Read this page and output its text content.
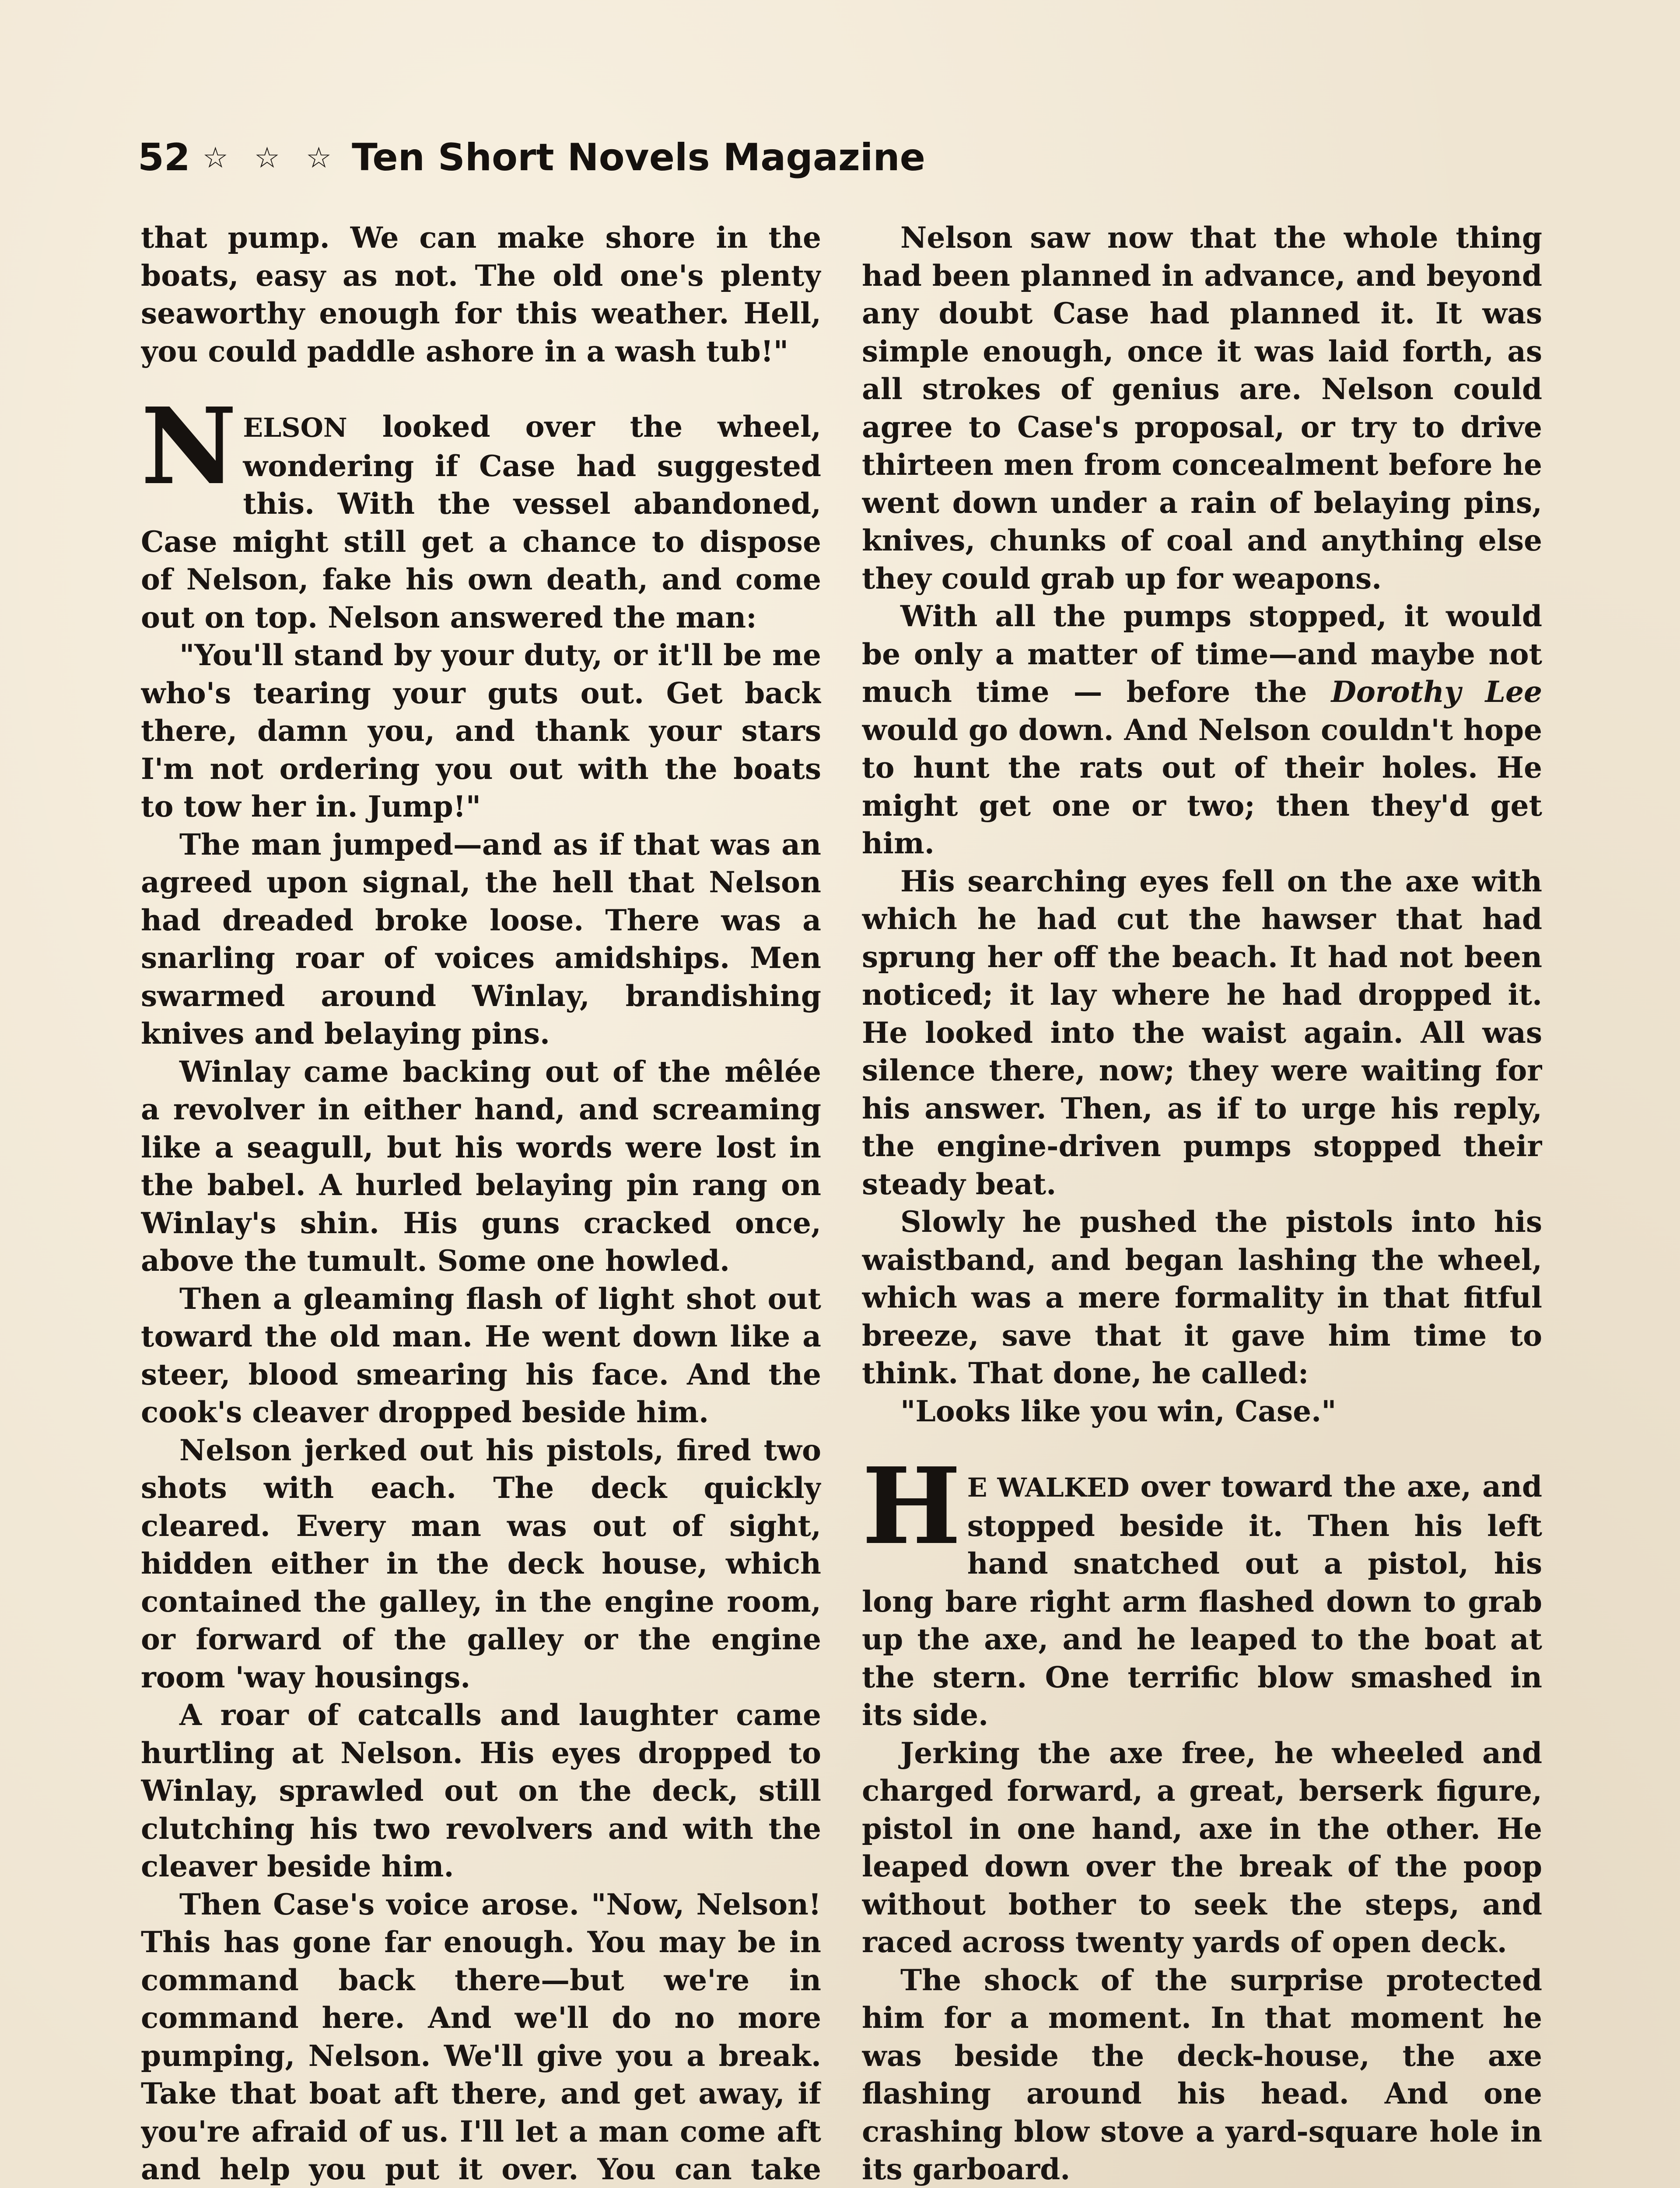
52 ☆ ☆ ☆ Ten Short Novels Magazine

that pump. We can make shore in the boats, easy as not. The old one's plenty seaworthy enough for this weather. Hell, you could paddle ashore in a wash tub!"

NELSON looked over the wheel, wondering if Case had suggested this. With the vessel abandoned, Case might still get a chance to dispose of Nelson, fake his own death, and come out on top. Nelson answered the man:

"You'll stand by your duty, or it'll be me who's tearing your guts out. Get back there, damn you, and thank your stars I'm not ordering you out with the boats to tow her in. Jump!"

The man jumped—and as if that was an agreed upon signal, the hell that Nelson had dreaded broke loose. There was a snarling roar of voices amidships. Men swarmed around Winlay, brandishing knives and belaying pins.

Winlay came backing out of the mêlée a revolver in either hand, and screaming like a seagull, but his words were lost in the babel. A hurled belaying pin rang on Winlay's shin. His guns cracked once, above the tumult. Some one howled.

Then a gleaming flash of light shot out toward the old man. He went down like a steer, blood smearing his face. And the cook's cleaver dropped beside him.

Nelson jerked out his pistols, fired two shots with each. The deck quickly cleared. Every man was out of sight, hidden either in the deck house, which contained the galley, in the engine room, or forward of the galley or the engine room 'way housings.

A roar of catcalls and laughter came hurtling at Nelson. His eyes dropped to Winlay, sprawled out on the deck, still clutching his two revolvers and with the cleaver beside him.

Then Case's voice arose. "Now, Nelson! This has gone far enough. You may be in command back there—but we're in command here. And we'll do no more pumping, Nelson. We'll give you a break. Take that boat aft there, and get away, if you're afraid of us. I'll let a man come aft and help you put it over. You can take

Nelson saw now that the whole thing had been planned in advance, and beyond any doubt Case had planned it. It was simple enough, once it was laid forth, as all strokes of genius are. Nelson could agree to Case's proposal, or try to drive thirteen men from concealment before he went down under a rain of belaying pins, knives, chunks of coal and anything else they could grab up for weapons.

With all the pumps stopped, it would be only a matter of time—and maybe not much time — before the Dorothy Lee would go down. And Nelson couldn't hope to hunt the rats out of their holes. He might get one or two; then they'd get him.

His searching eyes fell on the axe with which he had cut the hawser that had sprung her off the beach. It had not been noticed; it lay where he had dropped it. He looked into the waist again. All was silence there, now; they were waiting for his answer. Then, as if to urge his reply, the engine-driven pumps stopped their steady beat.

Slowly he pushed the pistols into his waistband, and began lashing the wheel, which was a mere formality in that fitful breeze, save that it gave him time to think. That done, he called:

"Looks like you win, Case."

HE WALKED over toward the axe, and stopped beside it. Then his left hand snatched out a pistol, his long bare right arm flashed down to grab up the axe, and he leaped to the boat at the stern. One terrific blow smashed in its side.

Jerking the axe free, he wheeled and charged forward, a great, berserk figure, pistol in one hand, axe in the other. He leaped down over the break of the poop without bother to seek the steps, and raced across twenty yards of open deck.

The shock of the surprise protected him for a moment. In that moment he was beside the deck-house, the axe flashing around his head. And one crashing blow stove a yard-square hole in its garboard.
